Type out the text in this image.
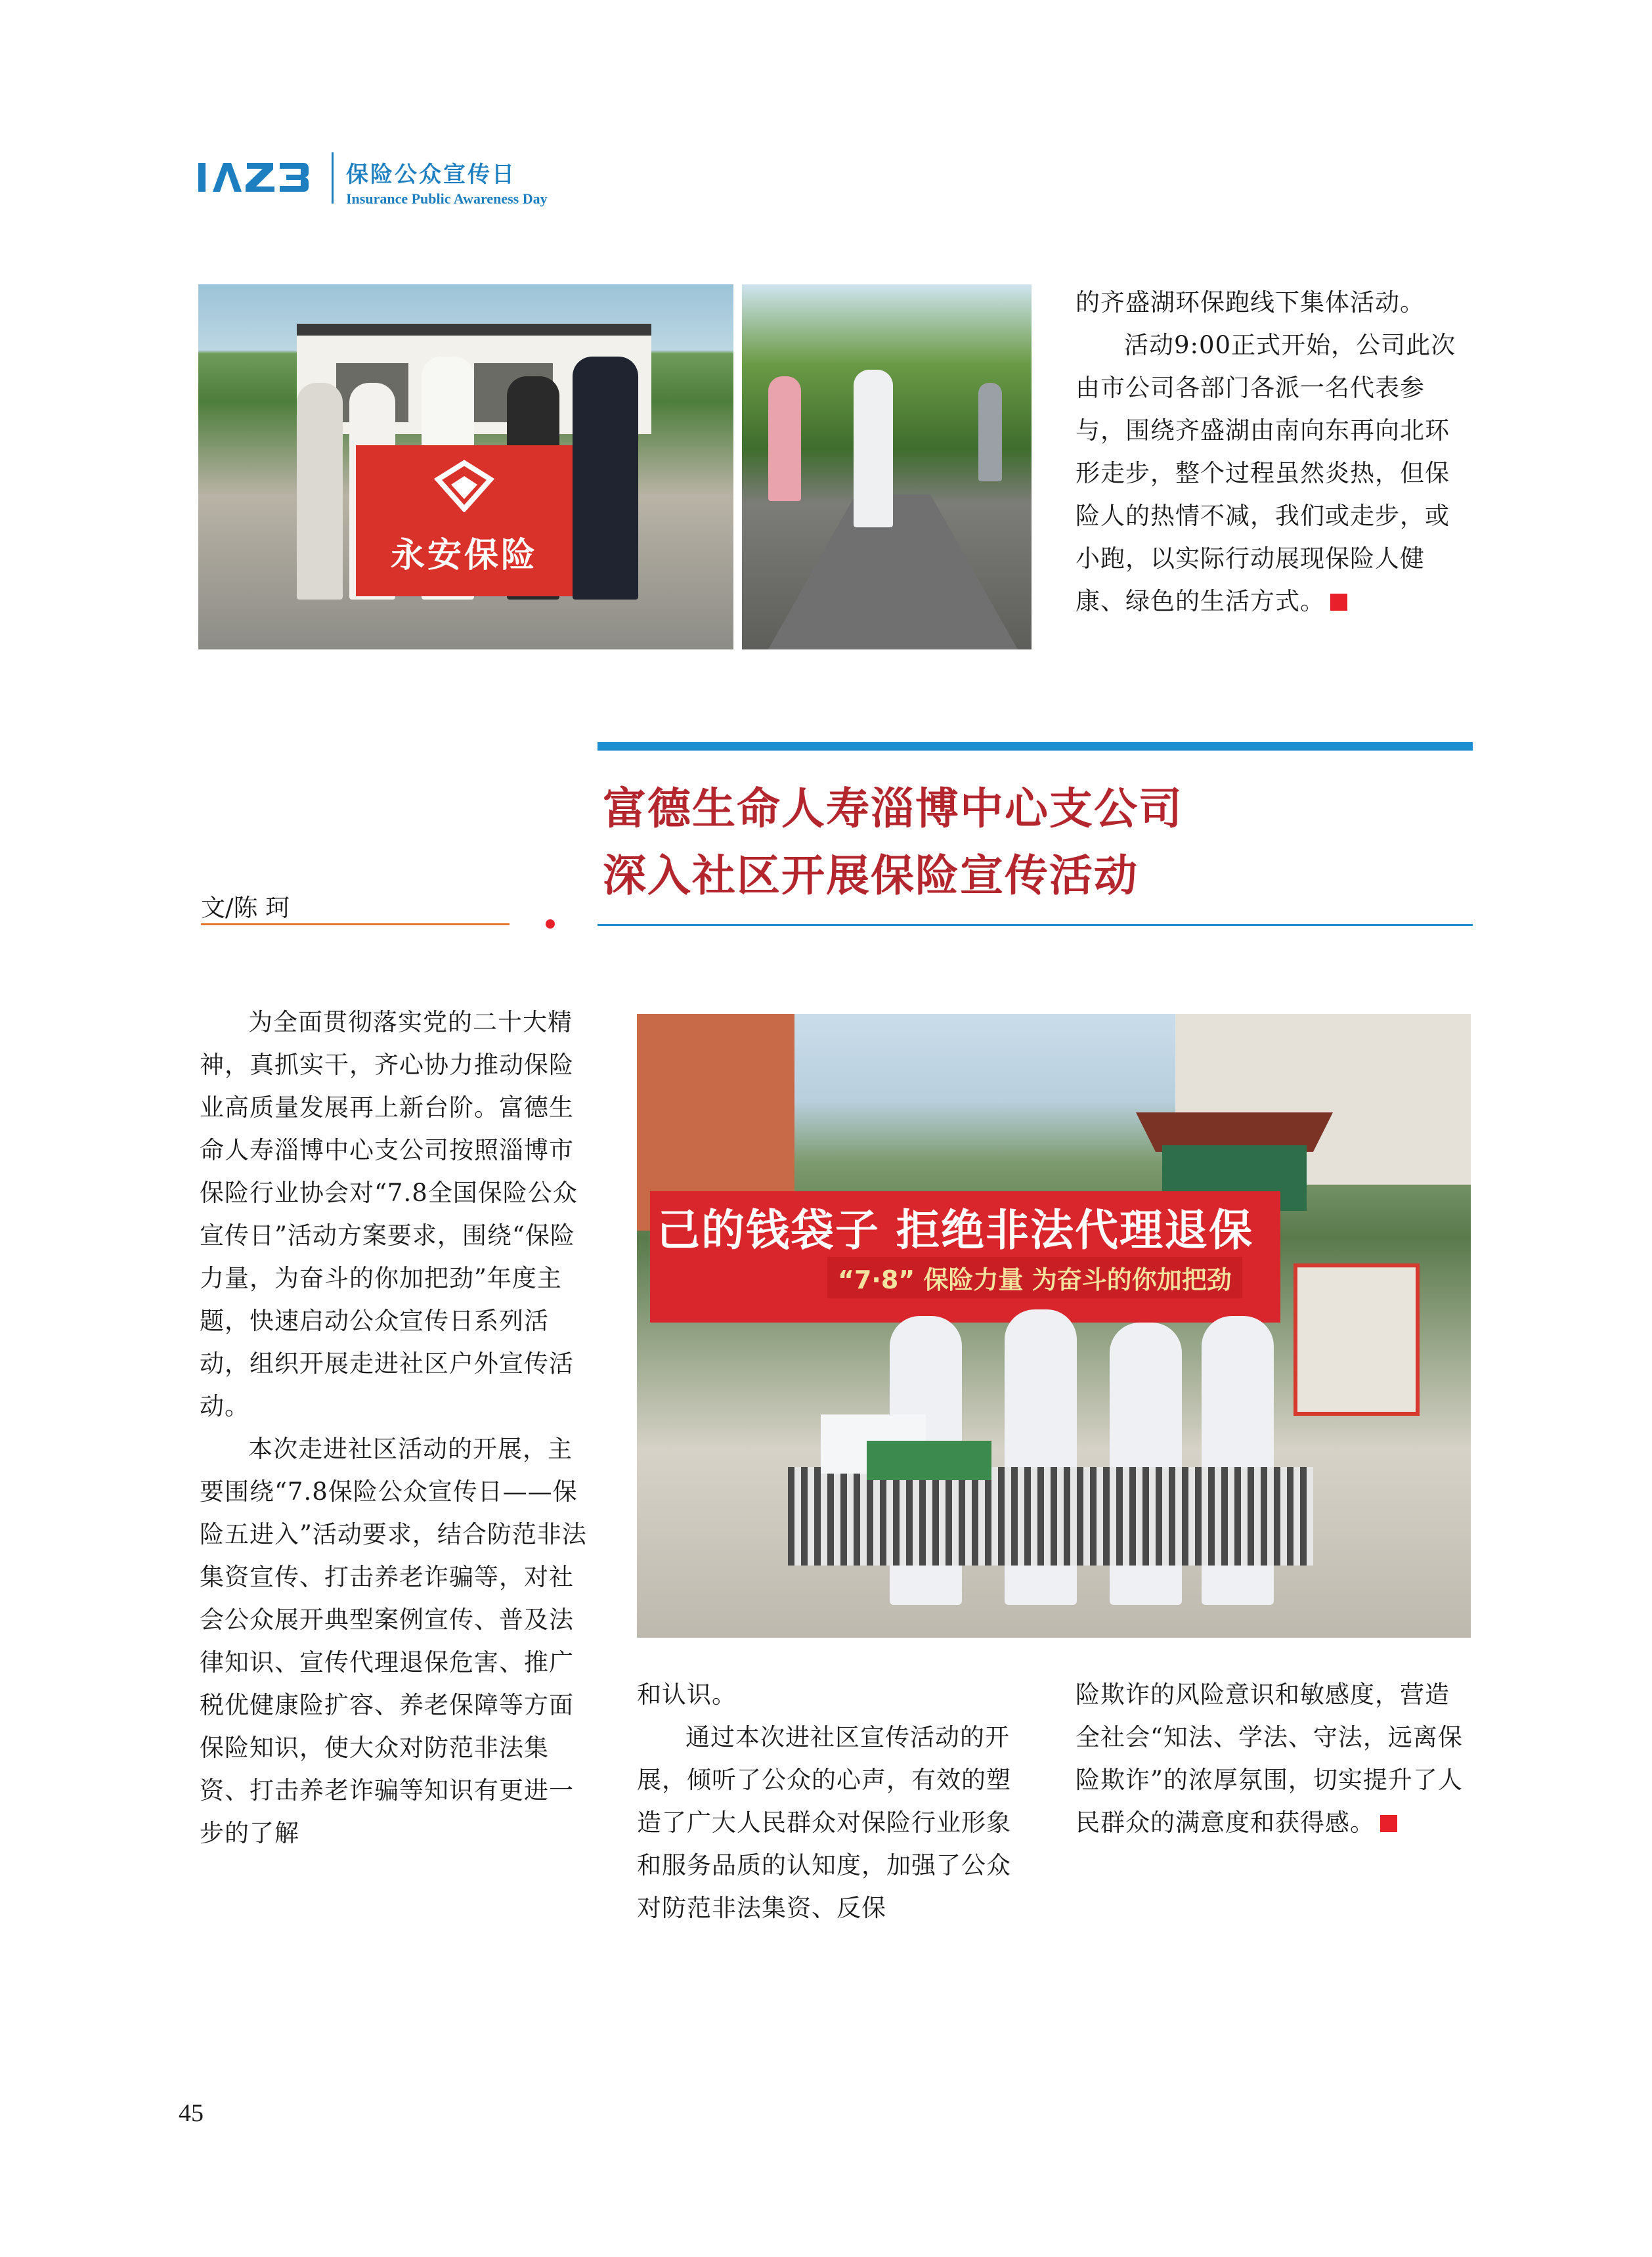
保险公众宣传日
Insurance Public Awareness Day
永安保险

的齐盛湖环保跑线下集体活动。

活动9:00正式开始，公司此次由市公司各部门各派一名代表参与，围绕齐盛湖由南向东再向北环形走步，整个过程虽然炎热，但保险人的热情不减，我们或走步，或小跑，以实际行动展现保险人健康、绿色的生活方式。

富德生命人寿淄博中心支公司
深入社区开展保险宣传活动
文/陈 珂
己的钱袋子 拒绝非法代理退保
“7·8” 保险力量 为奋斗的你加把劲

为全面贯彻落实党的二十大精神，真抓实干，齐心协力推动保险业高质量发展再上新台阶。富德生命人寿淄博中心支公司按照淄博市保险行业协会对“7.8全国保险公众宣传日”活动方案要求，围绕“保险力量，为奋斗的你加把劲”年度主题，快速启动公众宣传日系列活动，组织开展走进社区户外宣传活动。

本次走进社区活动的开展，主要围绕“7.8保险公众宣传日——保险五进入”活动要求，结合防范非法集资宣传、打击养老诈骗等，对社会公众展开典型案例宣传、普及法律知识、宣传代理退保危害、推广税优健康险扩容、养老保障等方面保险知识，使大众对防范非法集资、打击养老诈骗等知识有更进一步的了解

和认识。

通过本次进社区宣传活动的开展，倾听了公众的心声，有效的塑造了广大人民群众对保险行业形象和服务品质的认知度，加强了公众对防范非法集资、反保

险欺诈的风险意识和敏感度，营造全社会“知法、学法、守法，远离保险欺诈”的浓厚氛围，切实提升了人民群众的满意度和获得感。

45
